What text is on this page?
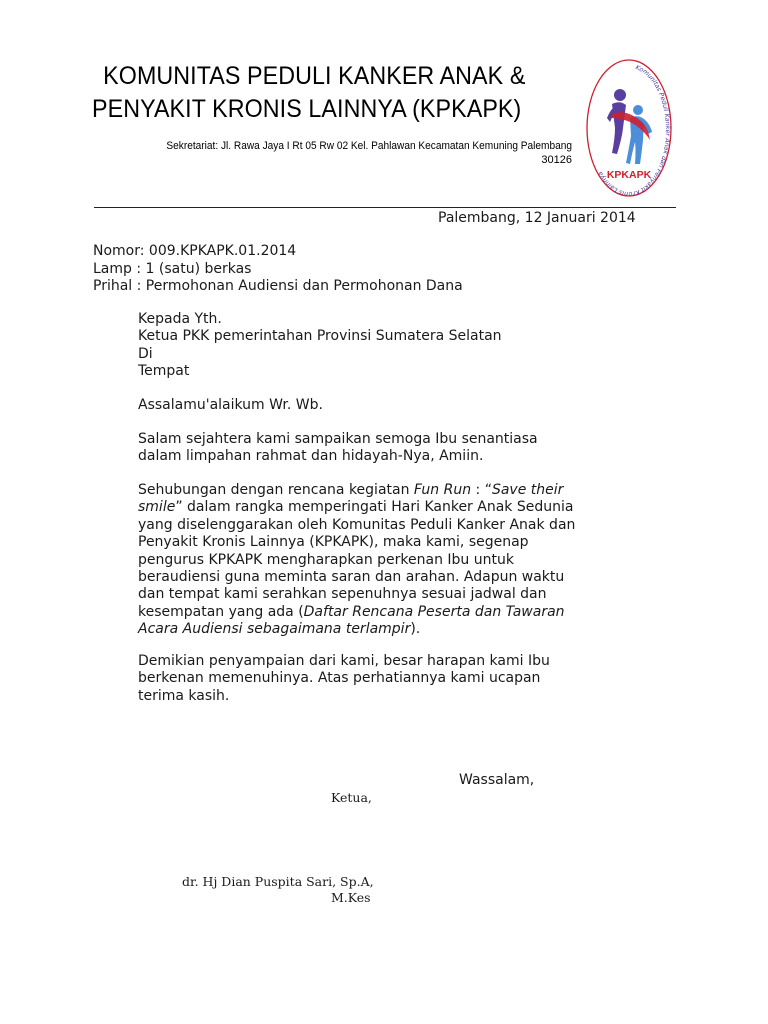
KOMUNITAS PEDULI KANKER ANAK &
PENYAKIT KRONIS LAINNYA (KPKAPK)
Sekretariat: Jl. Rawa Jaya I Rt 05 Rw 02 Kel. Pahlawan Kecamatan Kemuning Palembang
30126
Komunitas Peduli Kanker Anak dan Penyakit Kronis Lainnya KPKAPK
Palembang, 12 Januari 2014
Nomor: 009.KPKAPK.01.2014
Lamp : 1 (satu) berkas
Prihal : Permohonan Audiensi dan Permohonan Dana
Kepada Yth.
Ketua PKK pemerintahan Provinsi Sumatera Selatan
Di
Tempat
Assalamu'alaikum Wr. Wb.
Salam sejahtera kami sampaikan semoga Ibu senantiasa
dalam limpahan rahmat dan hidayah-Nya, Amiin.
Sehubungan dengan rencana kegiatan Fun Run : “Save their
smile” dalam rangka memperingati Hari Kanker Anak Sedunia
yang diselenggarakan oleh Komunitas Peduli Kanker Anak dan
Penyakit Kronis Lainnya (KPKAPK), maka kami, segenap
pengurus KPKAPK mengharapkan perkenan Ibu untuk
beraudiensi guna meminta saran dan arahan. Adapun waktu
dan tempat kami serahkan sepenuhnya sesuai jadwal dan
kesempatan yang ada (Daftar Rencana Peserta dan Tawaran
Acara Audiensi sebagaimana terlampir).
Demikian penyampaian dari kami, besar harapan kami Ibu
berkenan memenuhinya. Atas perhatiannya kami ucapan
terima kasih.
Wassalam,
Ketua,
dr. Hj Dian Puspita Sari, Sp.A,
M.Kes
